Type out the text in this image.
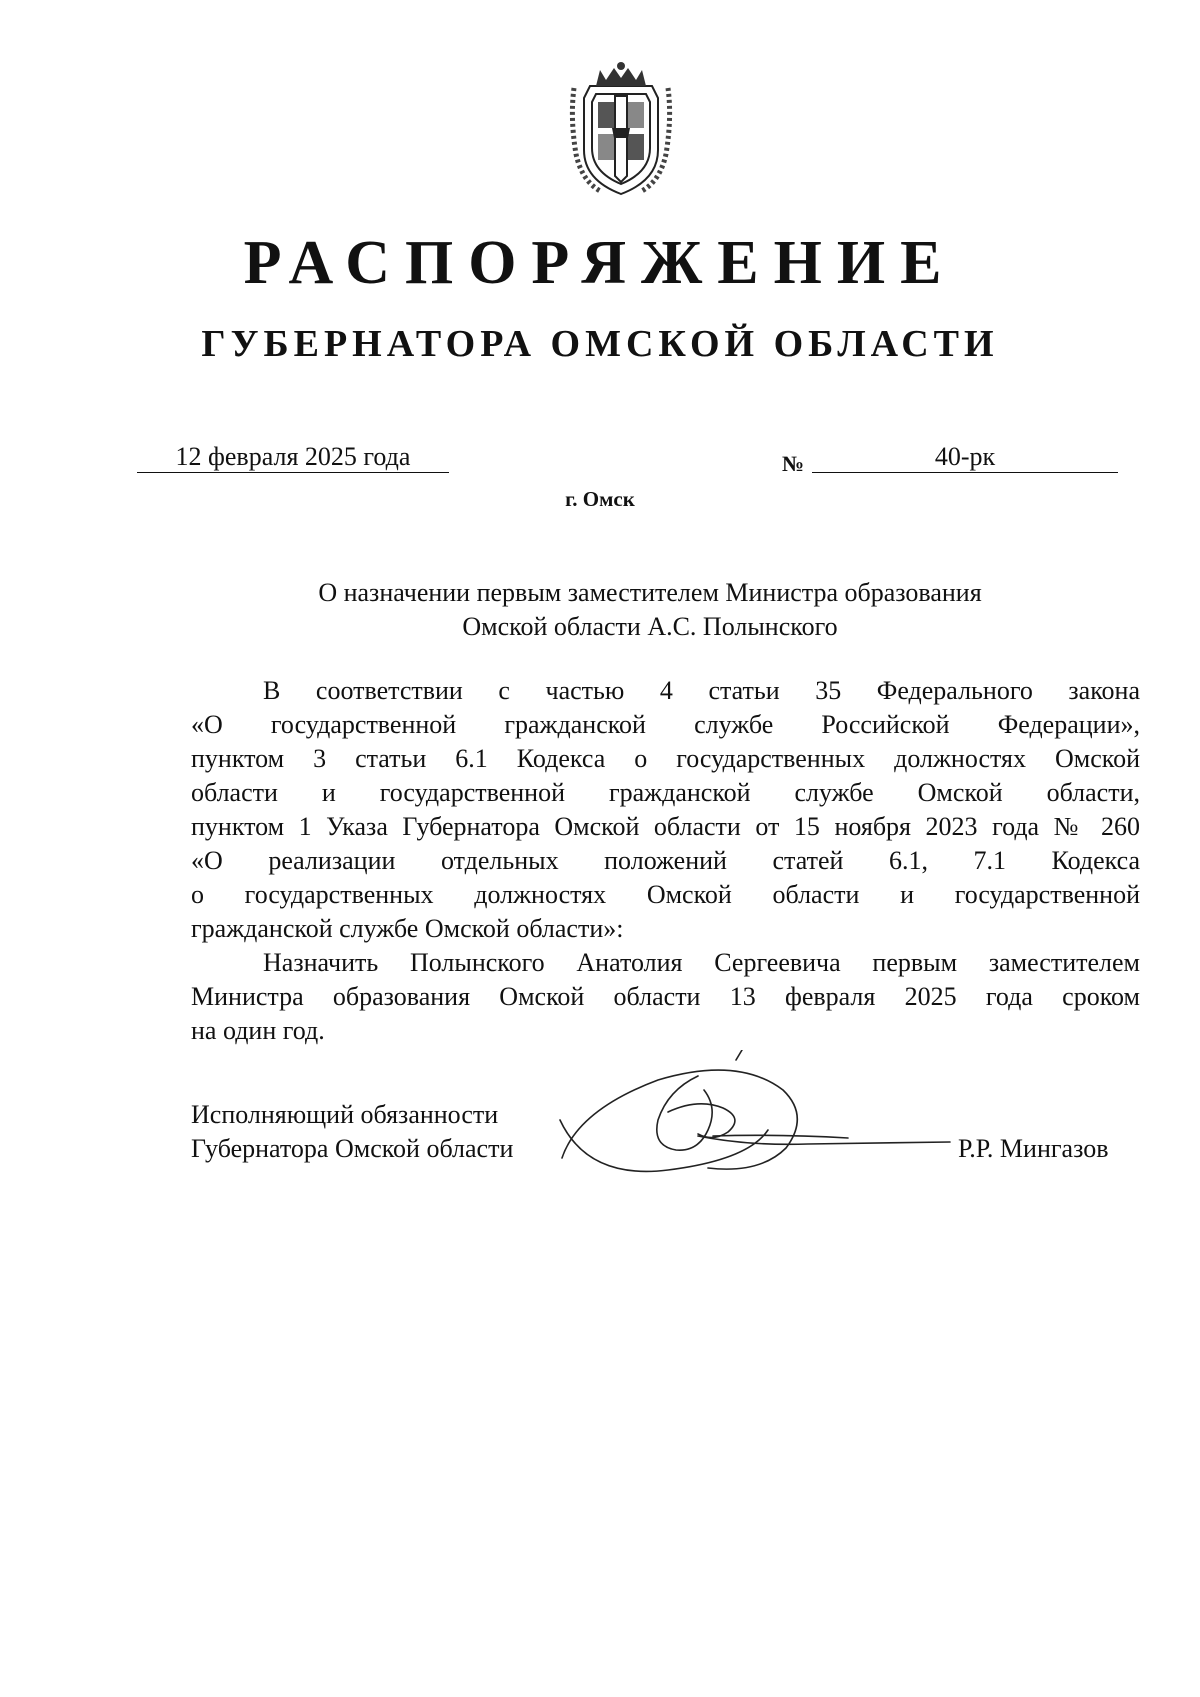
РАСПОРЯЖЕНИЕ
ГУБЕРНАТОРА ОМСКОЙ ОБЛАСТИ
12 февраля 2025 года	№	40-рк
г. Омск
О назначении первым заместителем Министра образования
Омской области А.С. Полынского

В соответствии с частью 4 статьи 35 Федерального закона

«О государственной гражданской службе Российской Федерации»,

пунктом 3 статьи 6.1 Кодекса о государственных должностях Омской

области и государственной гражданской службе Омской области,

пунктом 1 Указа Губернатора Омской области от 15 ноября 2023 года № 260

«О реализации отдельных положений статей 6.1, 7.1 Кодекса

о государственных должностях Омской области и государственной

гражданской службе Омской области»:

Назначить Полынского Анатолия Сергеевича первым заместителем

Министра образования Омской области 13 февраля 2025 года сроком

на один год.

Исполняющий обязанности
Губернатора Омской области	Р.Р. Мингазов
